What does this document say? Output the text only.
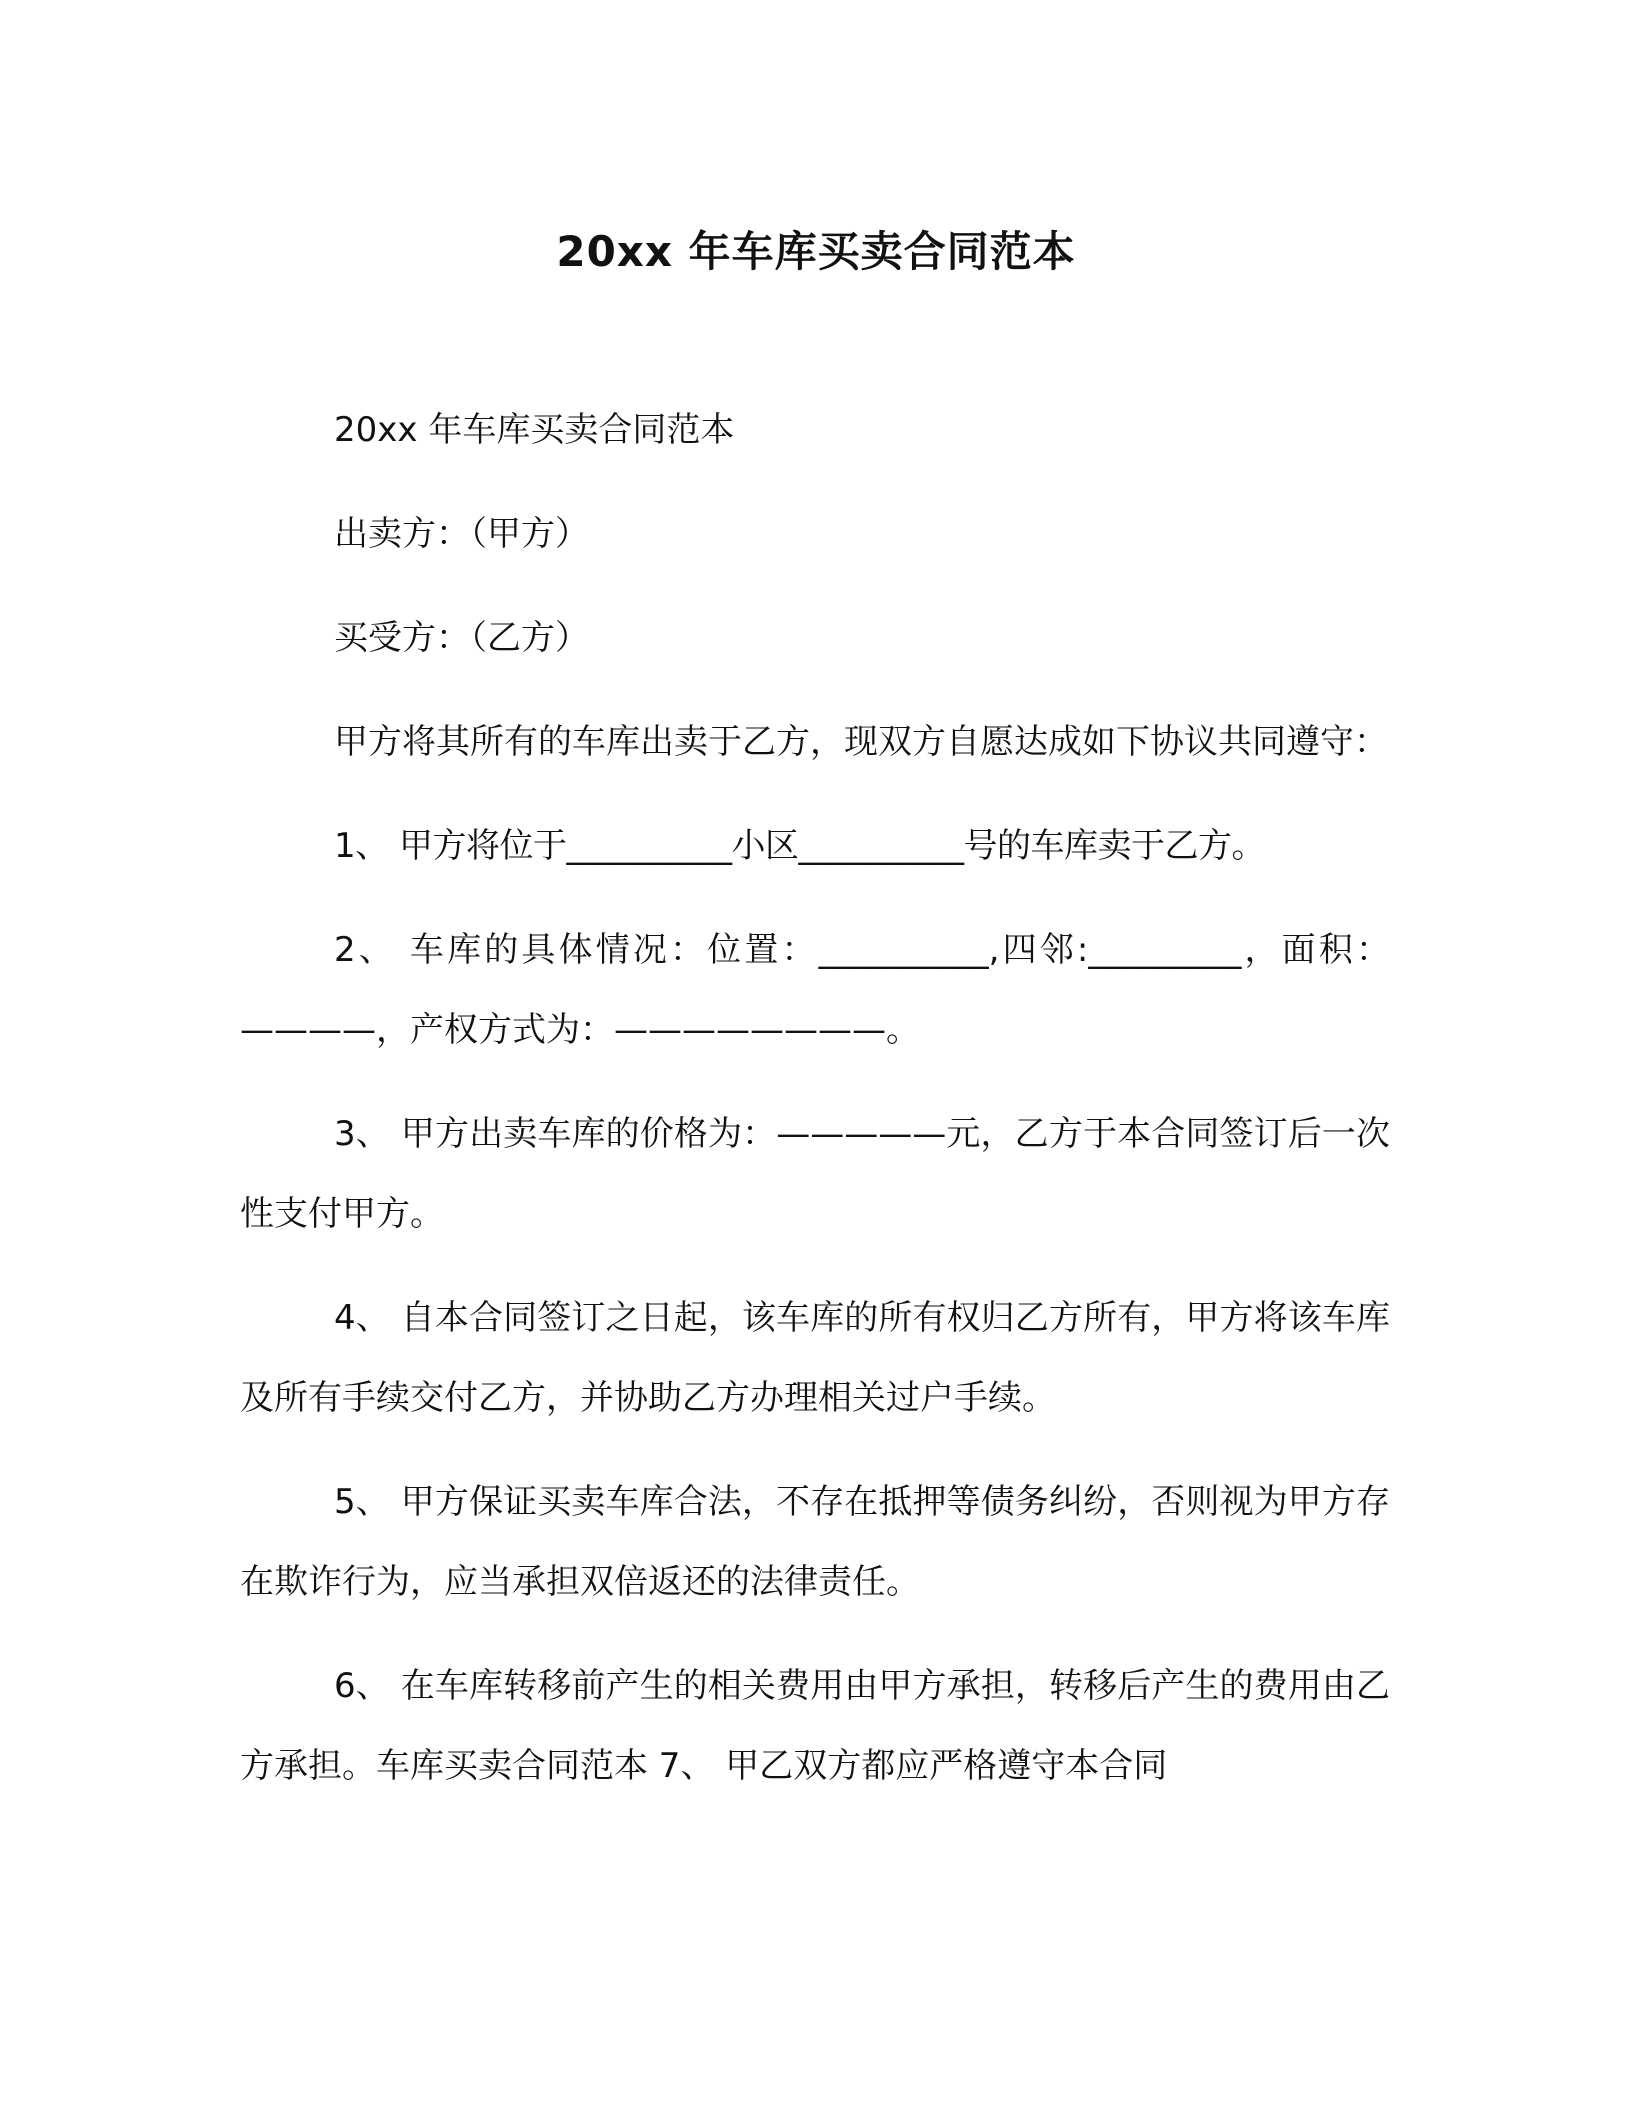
20xx 年车库买卖合同范本

20xx 年车库买卖合同范本

出卖方：（甲方）

买受方：（乙方）

甲方将其所有的车库出卖于乙方，现双方自愿达成如下协议共同遵守：

1、 甲方将位于__________小区__________号的车库卖于乙方。

2、 车库的具体情况：位置：__________,四邻:_________，面积：————，产权方式为：————————。

3、 甲方出卖车库的价格为：—————元，乙方于本合同签订后一次性支付甲方。

4、 自本合同签订之日起，该车库的所有权归乙方所有，甲方将该车库及所有手续交付乙方，并协助乙方办理相关过户手续。

5、 甲方保证买卖车库合法，不存在抵押等债务纠纷，否则视为甲方存在欺诈行为，应当承担双倍返还的法律责任。

6、 在车库转移前产生的相关费用由甲方承担，转移后产生的费用由乙方承担。车库买卖合同范本 7、 甲乙双方都应严格遵守本合同
